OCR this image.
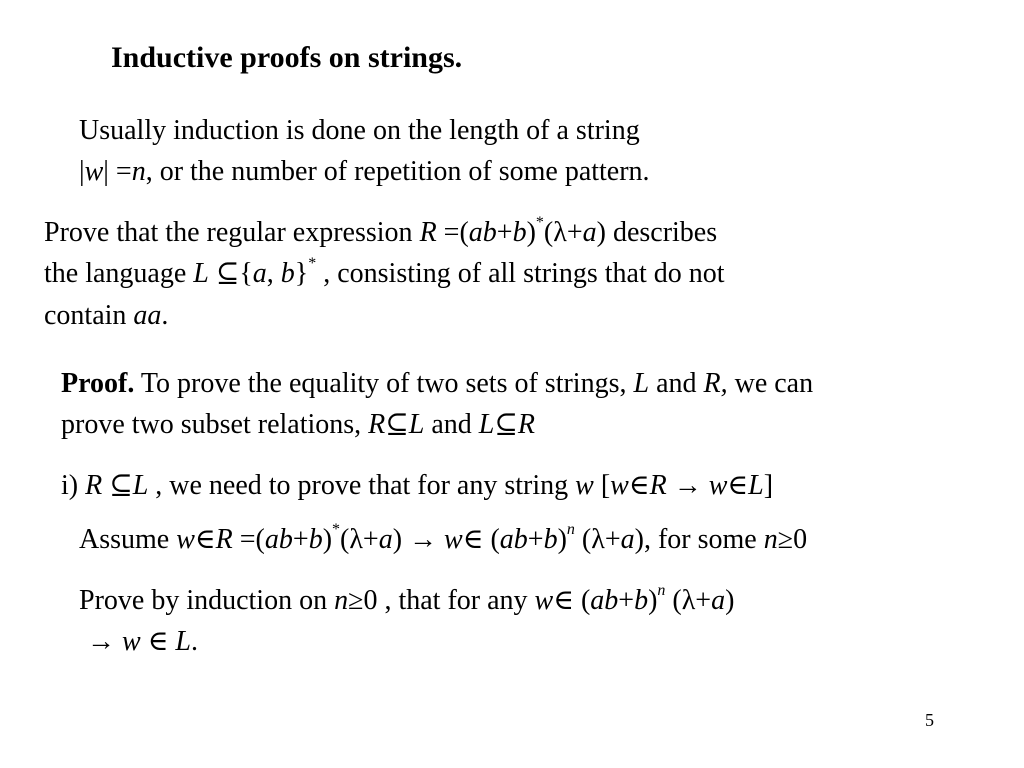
Inductive proofs on strings.
Usually induction is done on the length of a string
|w| =n, or the number of repetition of some pattern.
Prove that the regular expression R =(ab+b)*(λ+a) describes
the language L ⊆{a, b}* , consisting of all strings that do not
contain aa.
Proof. To prove the equality of two sets of strings, L and R, we can
prove two subset relations, R⊆L and L⊆R
i) R ⊆L , we need to prove that for any string w [w∈R → w∈L]
Assume w∈R =(ab+b)*(λ+a) → w∈ $(ab+b)^n$ (λ+a), for some n≥0
Prove by induction on n≥0 , that for any w∈ $(ab+b)^n$ (λ+a)
→ w ∈ L.
5
